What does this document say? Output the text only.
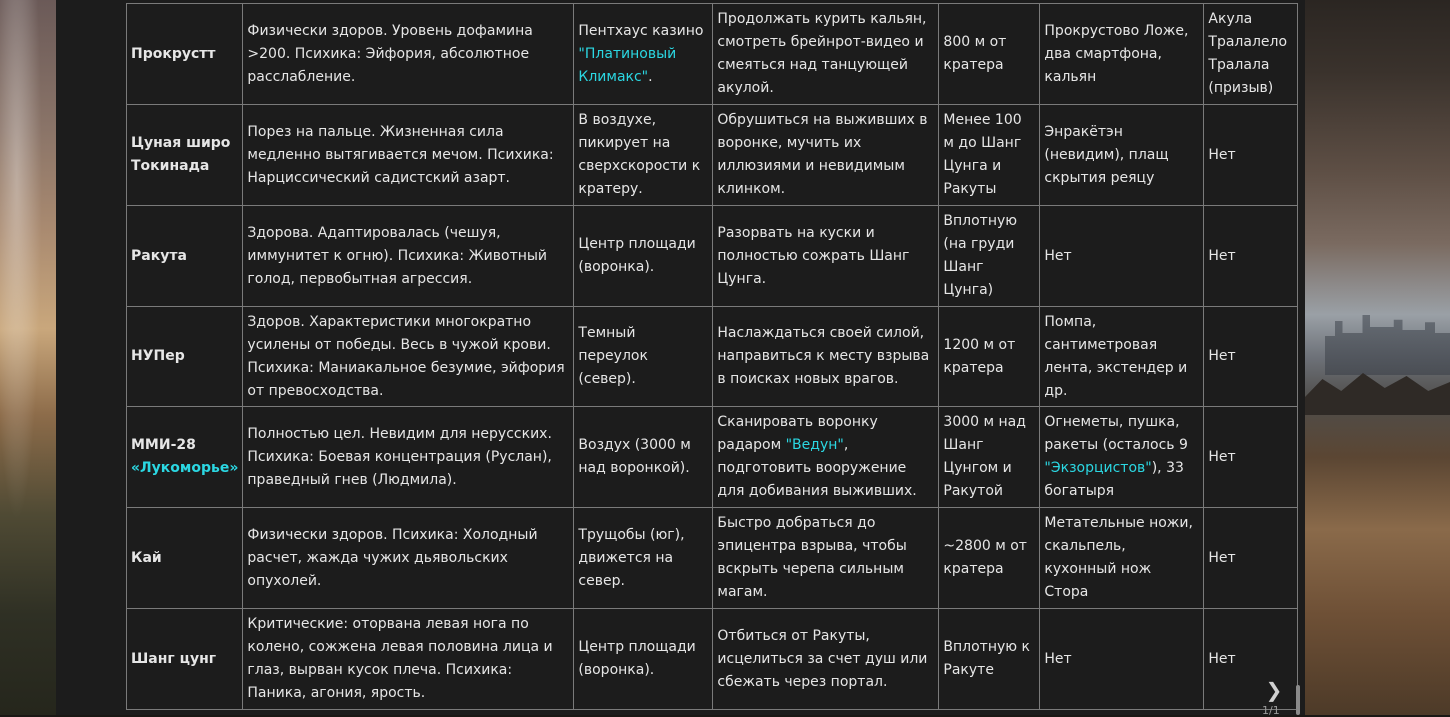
Прокрустт	Физически здоров. Уровень дофамина >200. Психика: Эйфория, абсолютное расслабление.	Пентхаус казино "Платиновый Климакс".	Продолжать курить кальян, смотреть брейнрот-видео и смеяться над танцующей акулой.	800 м от кратера	Прокрустово Ложе, два смартфона, кальян	Акула Тралалело Тралала (призыв)
Цуная широ Токинада	Порез на пальце. Жизненная сила медленно вытягивается мечом. Психика: Нарциссический садистский азарт.	В воздухе, пикирует на сверхскорости к кратеру.	Обрушиться на выживших в воронке, мучить их иллюзиями и невидимым клинком.	Менее 100 м до Шанг Цунга и Ракуты	Энракётэн (невидим), плащ скрытия реяцу	Нет
Ракута	Здорова. Адаптировалась (чешуя, иммунитет к огню). Психика: Животный голод, первобытная агрессия.	Центр площади (воронка).	Разорвать на куски и полностью сожрать Шанг Цунга.	Вплотную (на груди Шанг Цунга)	Нет	Нет
НУПер	Здоров. Характеристики многократно усилены от победы. Весь в чужой крови. Психика: Маниакальное безумие, эйфория от превосходства.	Темный переулок (север).	Наслаждаться своей силой, направиться к месту взрыва в поисках новых врагов.	1200 м от кратера	Помпа, сантиметровая лента, экстендер и др.	Нет
ММИ-28 «Лукоморье»	Полностью цел. Невидим для нерусских. Психика: Боевая концентрация (Руслан), праведный гнев (Людмила).	Воздух (3000 м над воронкой).	Сканировать воронку радаром "Ведун", подготовить вооружение для добивания выживших.	3000 м над Шанг Цунгом и Ракутой	Огнеметы, пушка, ракеты (осталось 9 "Экзорцистов"), 33 богатыря	Нет
Кай	Физически здоров. Психика: Холодный расчет, жажда чужих дьявольских опухолей.	Трущобы (юг), движется на север.	Быстро добраться до эпицентра взрыва, чтобы вскрыть черепа сильным магам.	~2800 м от кратера	Метательные ножи, скальпель, кухонный нож Стора	Нет
Шанг цунг	Критические: оторвана левая нога по колено, сожжена левая половина лица и глаз, вырван кусок плеча. Психика: Паника, агония, ярость.	Центр площади (воронка).	Отбиться от Ракуты, исцелиться за счет душ или сбежать через портал.	Вплотную к Ракуте	Нет	Нет
❯
1/1
